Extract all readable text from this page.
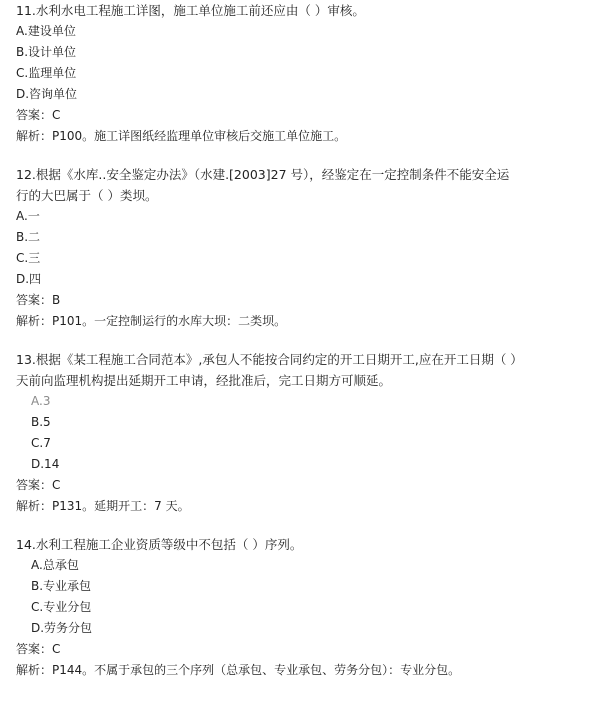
11.水利水电工程施工详图，施工单位施工前还应由（ ）审核。
A.建设单位
B.设计单位
C.监理单位
D.咨询单位
答案：C
解析：P100。施工详图纸经监理单位审核后交施工单位施工。
12.根据《水库..安全鉴定办法》（水建.[2003]27 号），经鉴定在一定控制条件不能安全运
行的大巴属于（ ）类坝。
A.一
B.二
C.三
D.四
答案：B
解析：P101。一定控制运行的水库大坝：二类坝。
13.根据《某工程施工合同范本》,承包人不能按合同约定的开工日期开工,应在开工日期（ ）
天前向监理机构提出延期开工申请，经批准后，完工日期方可顺延。
A.3
B.5
C.7
D.14
答案：C
解析：P131。延期开工：7 天。
14.水利工程施工企业资质等级中不包括（ ）序列。
A.总承包
B.专业承包
C.专业分包
D.劳务分包
答案：C
解析：P144。不属于承包的三个序列（总承包、专业承包、劳务分包）：专业分包。
